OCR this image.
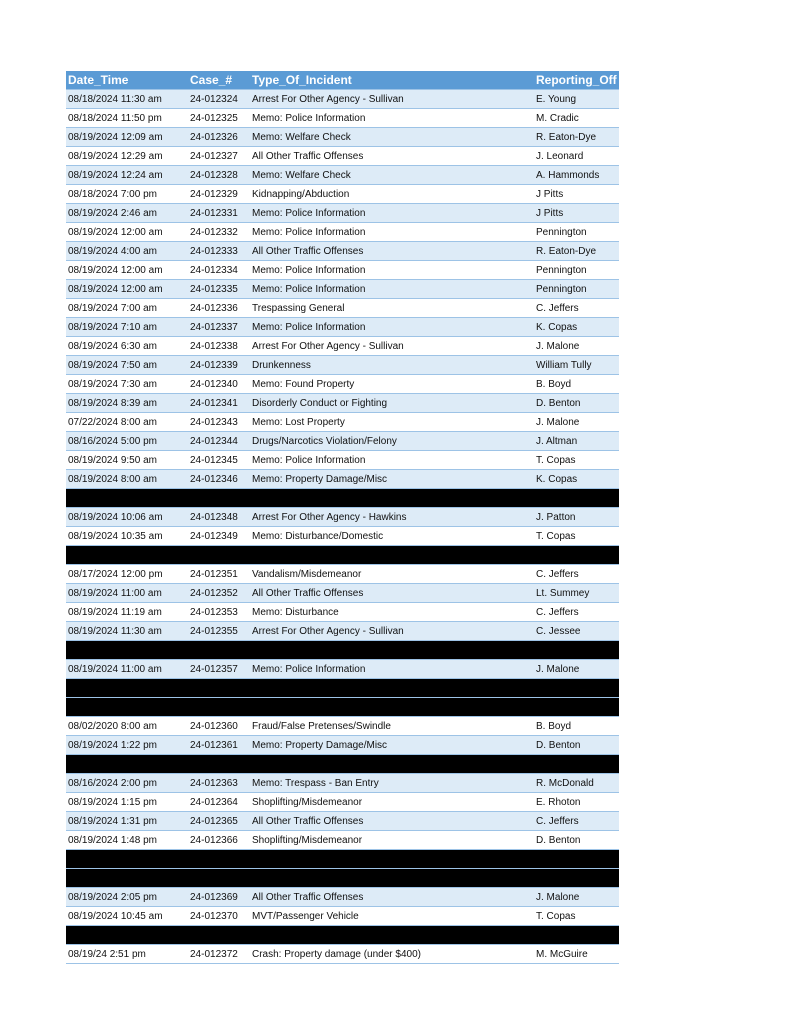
Date_Time	Case_#	Type_Of_Incident	Reporting_Off
08/18/2024 11:30 am	24-012324	Arrest For Other Agency - Sullivan	E. Young
08/18/2024 11:50 pm	24-012325	Memo: Police Information	M. Cradic
08/19/2024 12:09 am	24-012326	Memo: Welfare Check	R. Eaton-Dye
08/19/2024 12:29 am	24-012327	All Other Traffic Offenses	J. Leonard
08/19/2024 12:24 am	24-012328	Memo: Welfare Check	A. Hammonds
08/18/2024 7:00 pm	24-012329	Kidnapping/Abduction	J Pitts
08/19/2024 2:46 am	24-012331	Memo: Police Information	J Pitts
08/19/2024 12:00 am	24-012332	Memo: Police Information	Pennington
08/19/2024 4:00 am	24-012333	All Other Traffic Offenses	R. Eaton-Dye
08/19/2024 12:00 am	24-012334	Memo: Police Information	Pennington
08/19/2024 12:00 am	24-012335	Memo: Police Information	Pennington
08/19/2024 7:00 am	24-012336	Trespassing General	C. Jeffers
08/19/2024 7:10 am	24-012337	Memo: Police Information	K. Copas
08/19/2024 6:30 am	24-012338	Arrest For Other Agency - Sullivan	J. Malone
08/19/2024 7:50 am	24-012339	Drunkenness	William Tully
08/19/2024 7:30 am	24-012340	Memo: Found Property	B. Boyd
08/19/2024 8:39 am	24-012341	Disorderly Conduct or Fighting	D. Benton
07/22/2024 8:00 am	24-012343	Memo: Lost Property	J. Malone
08/16/2024 5:00 pm	24-012344	Drugs/Narcotics Violation/Felony	J. Altman
08/19/2024 9:50 am	24-012345	Memo: Police Information	T. Copas
08/19/2024 8:00 am	24-012346	Memo: Property Damage/Misc	K. Copas

08/19/2024 10:06 am	24-012348	Arrest For Other Agency - Hawkins	J. Patton
08/19/2024 10:35 am	24-012349	Memo: Disturbance/Domestic	T. Copas

08/17/2024 12:00 pm	24-012351	Vandalism/Misdemeanor	C. Jeffers
08/19/2024 11:00 am	24-012352	All Other Traffic Offenses	Lt. Summey
08/19/2024 11:19 am	24-012353	Memo: Disturbance	C. Jeffers
08/19/2024 11:30 am	24-012355	Arrest For Other Agency - Sullivan	C. Jessee

08/19/2024 11:00 am	24-012357	Memo: Police Information	J. Malone

08/02/2020 8:00 am	24-012360	Fraud/False Pretenses/Swindle	B. Boyd
08/19/2024 1:22 pm	24-012361	Memo: Property Damage/Misc	D. Benton

08/16/2024 2:00 pm	24-012363	Memo: Trespass - Ban Entry	R. McDonald
08/19/2024 1:15 pm	24-012364	Shoplifting/Misdemeanor	E. Rhoton
08/19/2024 1:31 pm	24-012365	All Other Traffic Offenses	C. Jeffers
08/19/2024 1:48 pm	24-012366	Shoplifting/Misdemeanor	D. Benton

08/19/2024 2:05 pm	24-012369	All Other Traffic Offenses	J. Malone
08/19/2024 10:45 am	24-012370	MVT/Passenger Vehicle	T. Copas

08/19/24 2:51 pm	24-012372	Crash: Property damage (under $400)	M. McGuire
